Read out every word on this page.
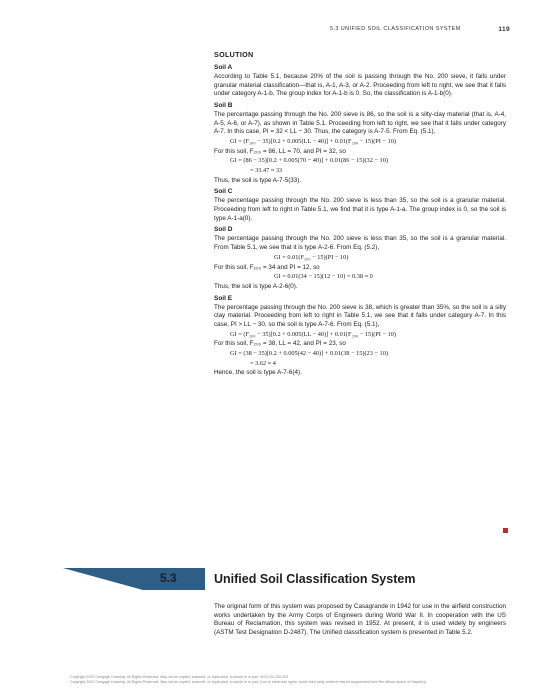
5.3 UNIFIED SOIL CLASSIFICATION SYSTEM	119

SOLUTION

Soil A

According to Table 5.1, because 20% of the soil is passing through the No. 200 sieve, it falls under granular material classification—that is, A-1, A-3, or A-2. Proceeding from left to right, we see that it falls under category A-1-b. The group index for A-1-b is 0. So, the classification is A-1-b(0).

Soil B

The percentage passing through the No. 200 sieve is 86, so the soil is a silty-clay material (that is, A-4, A-5, A-6, or A-7), as shown in Table 5.1. Proceeding from left to right, we see that it falls under category A-7. In this case, PI = 32 < LL − 30. Thus, the category is A-7-5. From Eq. (5.1),

GI = (F₂₀₀ − 35)[0.2 + 0.005(LL − 40)] + 0.01(F₂₀₀ − 15)(PI − 10)

For this soil, F₂₀₀ = 86, LL = 70, and PI = 32, so

GI = (86 − 35)[0.2 + 0.005(70 − 40)] + 0.01(86 − 15)(32 − 10)

= 33.47 ≈ 33

Thus, the soil is type A-7-5(33).

Soil C

The percentage passing through the No. 200 sieve is less than 35, so the soil is a granular material. Proceeding from left to right in Table 5.1, we find that it is type A-1-a. The group index is 0, so the soil is type A-1-a(0).

Soil D

The percentage passing through the No. 200 sieve is less than 35, so the soil is a granular material. From Table 5.1, we see that it is type A-2-6. From Eq. (5.2),

GI = 0.01(F₂₀₀ − 15)(PI − 10)

For this soil, F₂₀₀ = 34 and PI = 12, so

GI = 0.01(34 − 15)(12 − 10) = 0.38 ≈ 0

Thus, the soil is type A-2-6(0).

Soil E

The percentage passing through the No. 200 sieve is 38, which is greater than 35%, so the soil is a silty clay material. Proceeding from left to right in Table 5.1, we see that it falls under category A-7. In this case, PI > LL − 30, so the soil is type A-7-6. From Eq. (5.1),

GI = (F₂₀₀ − 35)[0.2 + 0.005(LL − 40)] + 0.01(F₂₀₀ − 15)(PI − 10)

For this soil, F₂₀₀ = 38, LL = 42, and PI = 23, so

GI = (38 − 35)[0.2 + 0.005(42 − 40)] + 0.01(38 − 15)(23 − 10)

= 3.62 ≈ 4

Hence, the soil is type A-7-6(4).

5.3	Unified Soil Classification System
The original form of this system was proposed by Casagrande in 1942 for use in the airfield construction works undertaken by the Army Corps of Engineers during World War II. In cooperation with the US Bureau of Reclamation, this system was revised in 1952. At present, it is used widely by engineers (ASTM Test Designation D-2487). The Unified classification system is presented in Table 5.2.
Copyright 2022 Cengage Learning. All Rights Reserved. May not be copied, scanned, or duplicated, in whole or in part. WCN 02-200-203
Copyright 2022 Cengage Learning. All Rights Reserved. May not be copied, scanned, or duplicated, in whole or in part. Due to electronic rights, some third party content may be suppressed from the eBook and/or eChapter(s).
